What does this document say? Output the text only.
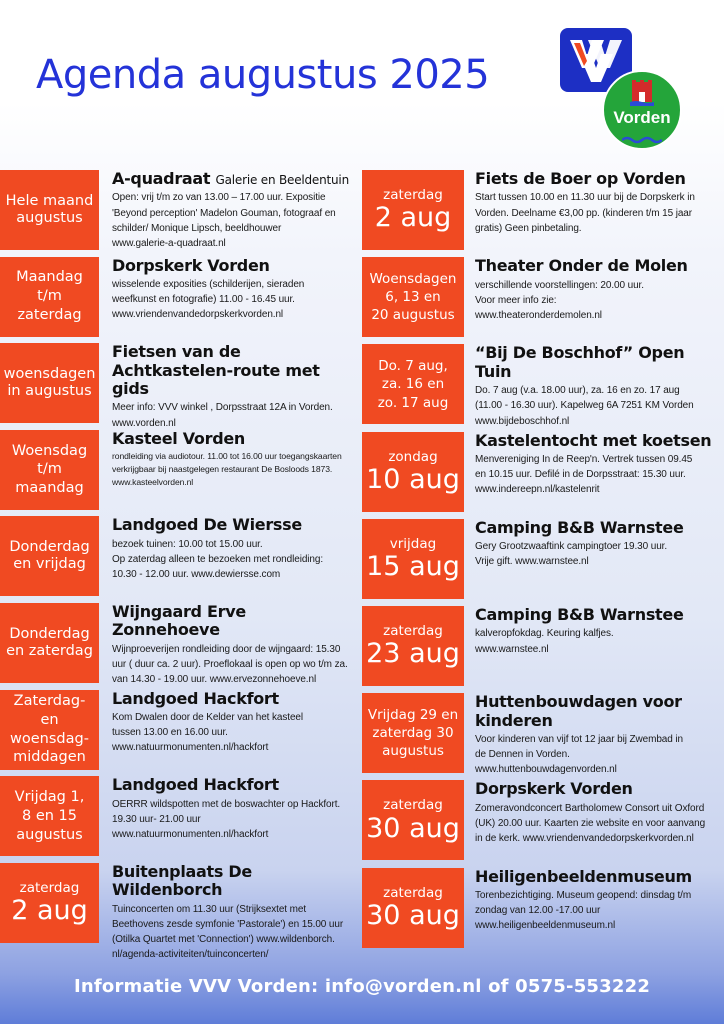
Agenda augustus 2025
Vorden
Hele maand
augustus
A-quadraat Galerie en Beeldentuin
Open: vrij t/m zo van 13.00 – 17.00 uur. Expositie
'Beyond perception' Madelon Gouman, fotograaf en
schilder/ Monique Lipsch, beeldhouwer
www.galerie-a-quadraat.nl
Maandag
t/m
zaterdag
Dorpskerk Vorden
wisselende exposities (schilderijen, sieraden
weefkunst en fotografie) 11.00 - 16.45 uur.
www.vriendenvandedorpskerkvorden.nl
woensdagen
in augustus
Fietsen van de Achtkastelen-route met gids
Meer info: VVV winkel , Dorpsstraat 12A in Vorden.
www.vorden.nl
Woensdag
t/m
maandag
Kasteel Vorden
rondleiding via audiotour. 11.00 tot 16.00 uur toegangskaarten
verkrijgbaar bij naastgelegen restaurant De Bosloods 1873.
www.kasteelvorden.nl
Donderdag
en vrijdag
Landgoed De Wiersse
bezoek tuinen: 10.00 tot 15.00 uur.
Op zaterdag alleen te bezoeken met rondleiding:
10.30 - 12.00 uur. www.dewiersse.com
Donderdag
en zaterdag
Wijngaard Erve Zonnehoeve
Wijnproeverijen rondleiding door de wijngaard: 15.30
uur ( duur ca. 2 uur). Proeflokaal is open op wo t/m za.
van 14.30 - 19.00 uur. www.ervezonnehoeve.nl
Zaterdag-
en woensdag-
middagen
Landgoed Hackfort
Kom Dwalen door de Kelder van het kasteel
tussen 13.00 en 16.00 uur.
www.natuurmonumenten.nl/hackfort
Vrijdag 1,
8 en 15
augustus
Landgoed Hackfort
OERRR wildspotten met de boswachter op Hackfort.
19.30 uur- 21.00 uur
www.natuurmonumenten.nl/hackfort
zaterdag
2 aug
Buitenplaats De Wildenborch
Tuinconcerten om 11.30 uur (Strijksextet met
Beethovens zesde symfonie 'Pastorale') en 15.00 uur
(Otilka Quartet met 'Connection') www.wildenborch.
nl/agenda-activiteiten/tuinconcerten/
zaterdag
2 aug
Fiets de Boer op Vorden
Start tussen 10.00 en 11.30 uur bij de Dorpskerk in
Vorden. Deelname €3,00 pp. (kinderen t/m 15 jaar
gratis) Geen pinbetaling.
Woensdagen
6, 13 en
20 augustus
Theater Onder de Molen
verschillende voorstellingen: 20.00 uur.
Voor meer info zie:
www.theateronderdemolen.nl
Do. 7 aug,
za. 16 en
zo. 17 aug
“Bij De Boschhof” Open Tuin
Do. 7 aug (v.a. 18.00 uur), za. 16 en zo. 17 aug
(11.00 - 16.30 uur). Kapelweg 6A 7251 KM Vorden
www.bijdeboschhof.nl
zondag
10 aug
Kastelentocht met koetsen
Menvereniging In de Reep'n. Vertrek tussen 09.45
en 10.15 uur. Defilé in de Dorpsstraat: 15.30 uur.
www.indereepn.nl/kastelenrit
vrijdag
15 aug
Camping B&B Warnstee
Gery Grootzwaaftink campingtoer 19.30 uur.
Vrije gift. www.warnstee.nl
zaterdag
23 aug
Camping B&B Warnstee
kalveropfokdag. Keuring kalfjes.
www.warnstee.nl
Vrijdag 29 en
zaterdag 30
augustus
Huttenbouwdagen voor kinderen
Voor kinderen van vijf tot 12 jaar bij Zwembad in
de Dennen in Vorden.
www.huttenbouwdagenvorden.nl
zaterdag
30 aug
Dorpskerk Vorden
Zomeravondconcert Bartholomew Consort uit Oxford
(UK) 20.00 uur. Kaarten zie website en voor aanvang
in de kerk. www.vriendenvandedorpskerkvorden.nl
zaterdag
30 aug
Heiligenbeeldenmuseum
Torenbezichtiging. Museum geopend: dinsdag t/m
zondag van 12.00 -17.00 uur
www.heiligenbeeldenmuseum.nl
Informatie VVV Vorden: info@vorden.nl of 0575-553222
